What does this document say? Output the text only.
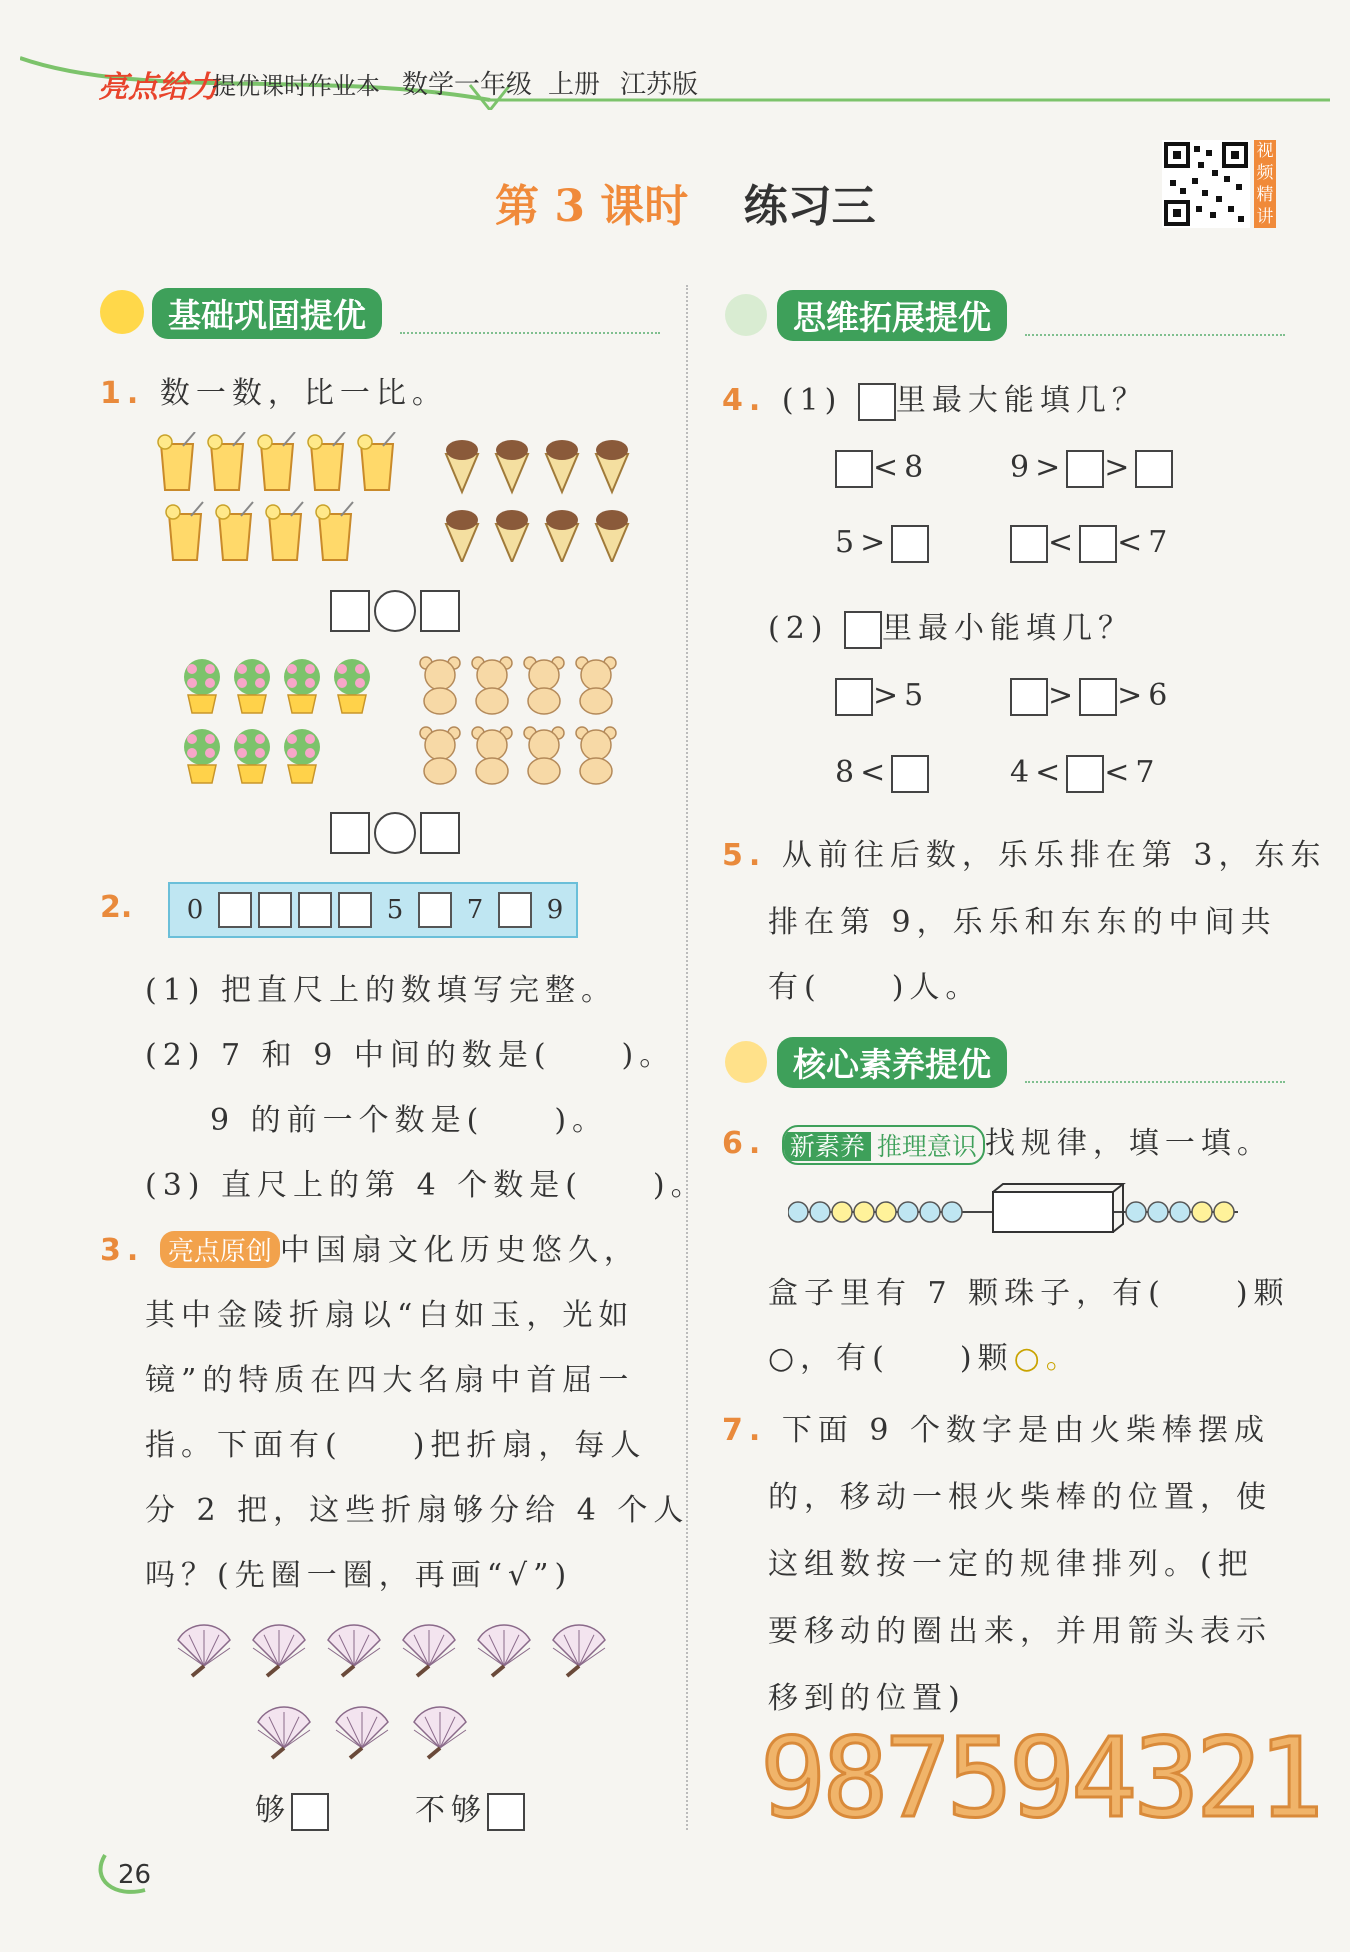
亮点给力
提优课时作业本 数学一年级 上册 江苏版
第 3 课时 练习三
视频精讲
基础巩固提优
1. 数一数，比一比。
2.	0	5	7	9
(1) 把直尺上的数填写完整。
(2) 7 和 9 中间的数是( )。
9 的前一个数是( )。
(3) 直尺上的第 4 个数是( )。
3. 亮点原创 中国扇文化历史悠久，
其中金陵折扇以“白如玉，光如
镜”的特质在四大名扇中首屈一
指。下面有( )把折扇，每人
分 2 把，这些折扇够分给 4 个人
吗？(先圈一圈，再画“√”)
够	不够
26
思维拓展提优
4. (1) 里最大能填几？
<8	9> >
5>	< <7
(2) 里最小能填几？
>5	> >6
8<	4< <7
5. 从前往后数，乐乐排在第 3，东东
排在第 9，乐乐和东东的中间共
有( )人。
核心素养提优
6. 新素养 推理意识 找规律，填一填。
盒子里有 7 颗珠子，有( )颗
○，有( )颗○。
7. 下面 9 个数字是由火柴棒摆成
的，移动一根火柴棒的位置，使
这组数按一定的规律排列。(把
要移动的圈出来，并用箭头表示
移到的位置)
987594321
